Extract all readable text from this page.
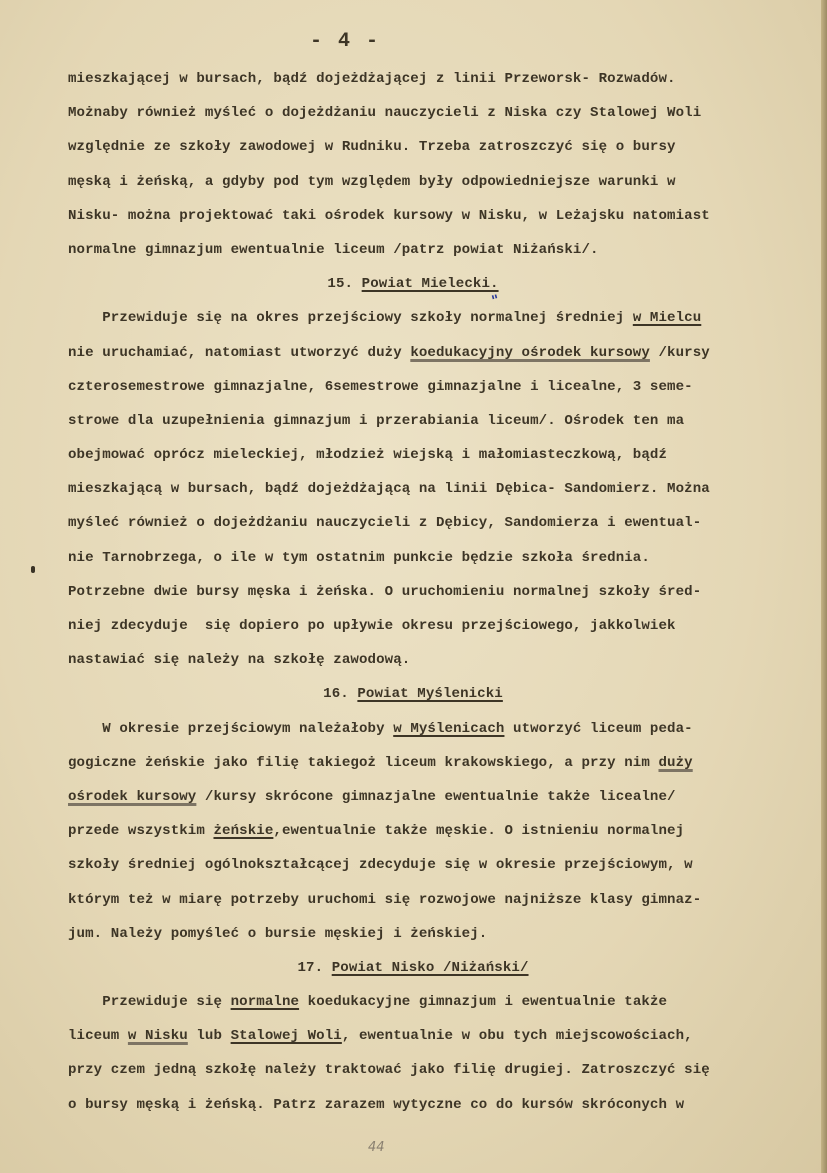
- 4 -
mieszkającej w bursach, bądź dojeżdżającej z linii Przeworsk- Rozwadów.
Możnaby również myśleć o dojeżdżaniu nauczycieli z Niska czy Stalowej Woli
względnie ze szkoły zawodowej w Rudniku. Trzeba zatroszczyć się o bursy
męską i żeńską, a gdyby pod tym względem były odpowiedniejsze warunki w
Nisku- można projektować taki ośrodek kursowy w Nisku, w Leżajsku natomiast
normalne gimnazjum ewentualnie liceum /patrz powiat Niżański/.
15. Powiat Mielecki.
Przewiduje się na okres przejściowy szkoły normalnej średniej w Mielcu
nie uruchamiać, natomiast utworzyć duży koedukacyjny ośrodek kursowy /kursy
czterosemestrowe gimnazjalne, 6semestrowe gimnazjalne i licealne, 3 seme-
strowe dla uzupełnienia gimnazjum i przerabiania liceum/. Ośrodek ten ma
obejmować oprócz mieleckiej, młodzież wiejską i małomiasteczkową, bądź
mieszkającą w bursach, bądź dojeżdżającą na linii Dębica- Sandomierz. Można
myśleć również o dojeżdżaniu nauczycieli z Dębicy, Sandomierza i ewentual-
nie Tarnobrzega, o ile w tym ostatnim punkcie będzie szkoła średnia.
Potrzebne dwie bursy męska i żeńska. O uruchomieniu normalnej szkoły śred-
niej zdecyduje  się dopiero po upływie okresu przejściowego, jakkolwiek
nastawiać się należy na szkołę zawodową.
16. Powiat Myślenicki
W okresie przejściowym należałoby w Myślenicach utworzyć liceum peda-
gogiczne żeńskie jako filię takiegoż liceum krakowskiego, a przy nim duży
ośrodek kursowy /kursy skrócone gimnazjalne ewentualnie także licealne/
przede wszystkim żeńskie,ewentualnie także męskie. O istnieniu normalnej
szkoły średniej ogólnokształcącej zdecyduje się w okresie przejściowym, w
którym też w miarę potrzeby uruchomi się rozwojowe najniższe klasy gimnaz-
jum. Należy pomyśleć o bursie męskiej i żeńskiej.
17. Powiat Nisko /Niżański/
Przewiduje się normalne koedukacyjne gimnazjum i ewentualnie także
liceum w Nisku lub Stalowej Woli, ewentualnie w obu tych miejscowościach,
przy czem jedną szkołę należy traktować jako filię drugiej. Zatroszczyć się
o bursy męską i żeńską. Patrz zarazem wytyczne co do kursów skróconych w
"
44
